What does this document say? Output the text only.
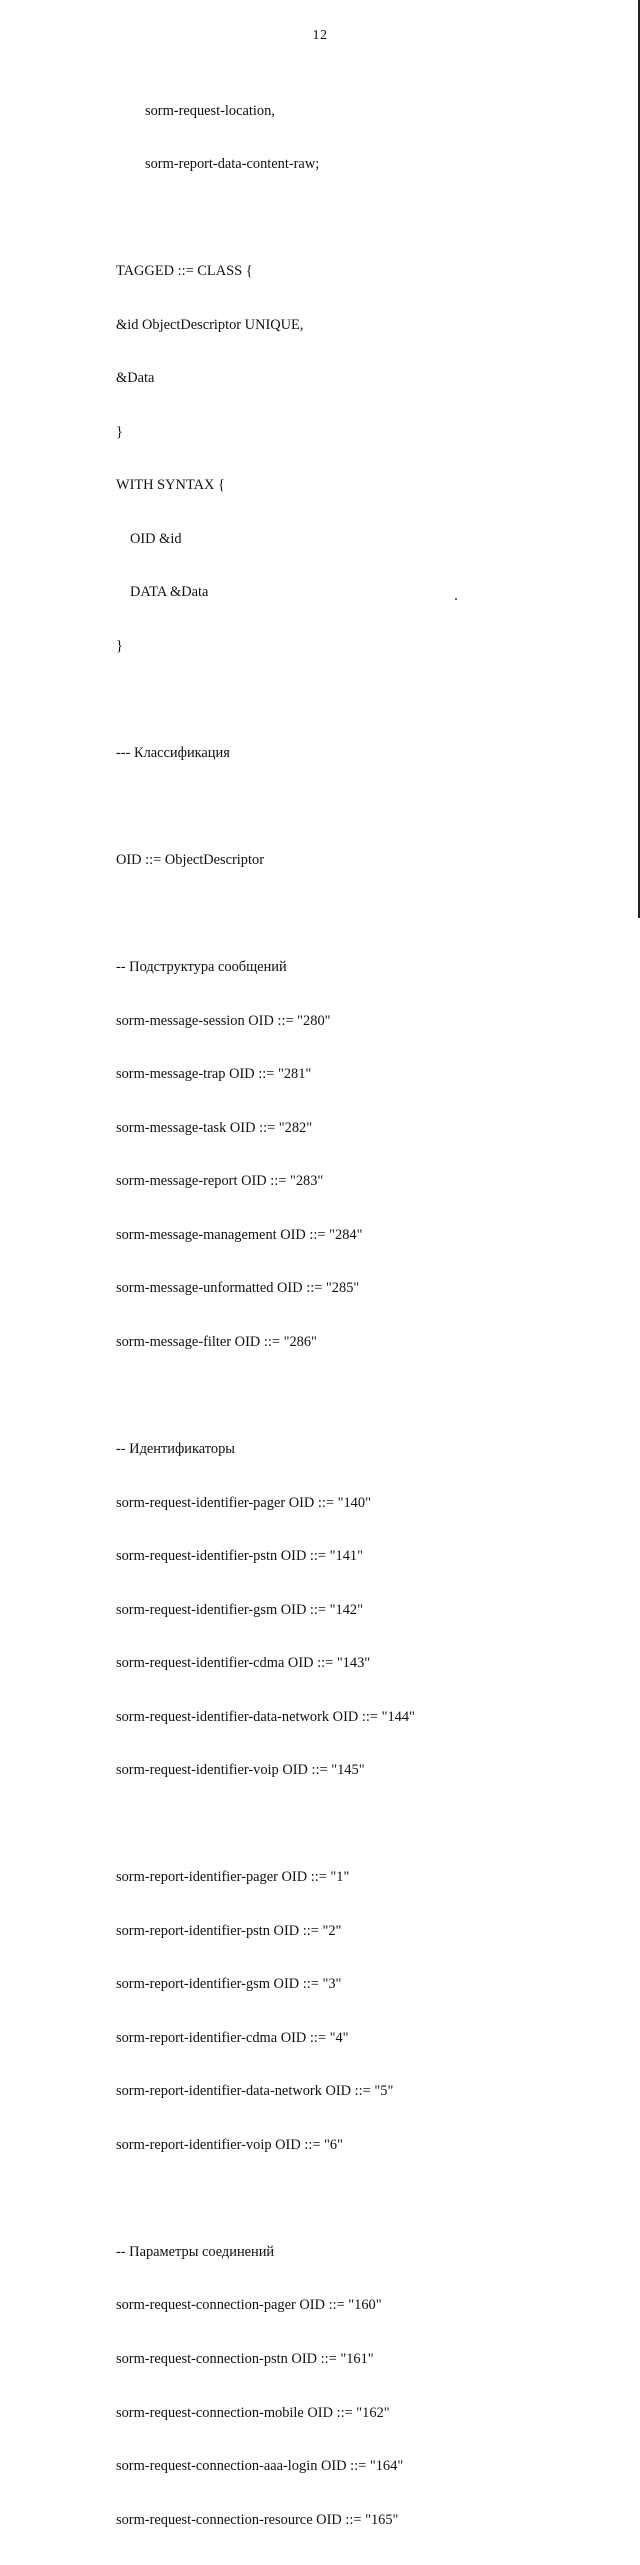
12

sorm-request-location,

sorm-report-data-content-raw;

TAGGED ::= CLASS {

&id ObjectDescriptor UNIQUE,

&Data

}

WITH SYNTAX {

OID &id

DATA &Data

}

--- Классификация

OID ::= ObjectDescriptor

-- Подструктура сообщений

sorm-message-session OID ::= "280"

sorm-message-trap OID ::= "281"

sorm-message-task OID ::= "282"

sorm-message-report OID ::= "283"

sorm-message-management OID ::= "284"

sorm-message-unformatted OID ::= "285"

sorm-message-filter OID ::= "286"

-- Идентификаторы

sorm-request-identifier-pager OID ::= "140"

sorm-request-identifier-pstn OID ::= "141"

sorm-request-identifier-gsm OID ::= "142"

sorm-request-identifier-cdma OID ::= "143"

sorm-request-identifier-data-network OID ::= "144"

sorm-request-identifier-voip OID ::= "145"

sorm-report-identifier-pager OID ::= "1"

sorm-report-identifier-pstn OID ::= "2"

sorm-report-identifier-gsm OID ::= "3"

sorm-report-identifier-cdma OID ::= "4"

sorm-report-identifier-data-network OID ::= "5"

sorm-report-identifier-voip OID ::= "6"

-- Параметры соединений

sorm-request-connection-pager OID ::= "160"

sorm-request-connection-pstn OID ::= "161"

sorm-request-connection-mobile OID ::= "162"

sorm-request-connection-aaa-login OID ::= "164"

sorm-request-connection-resource OID ::= "165"
